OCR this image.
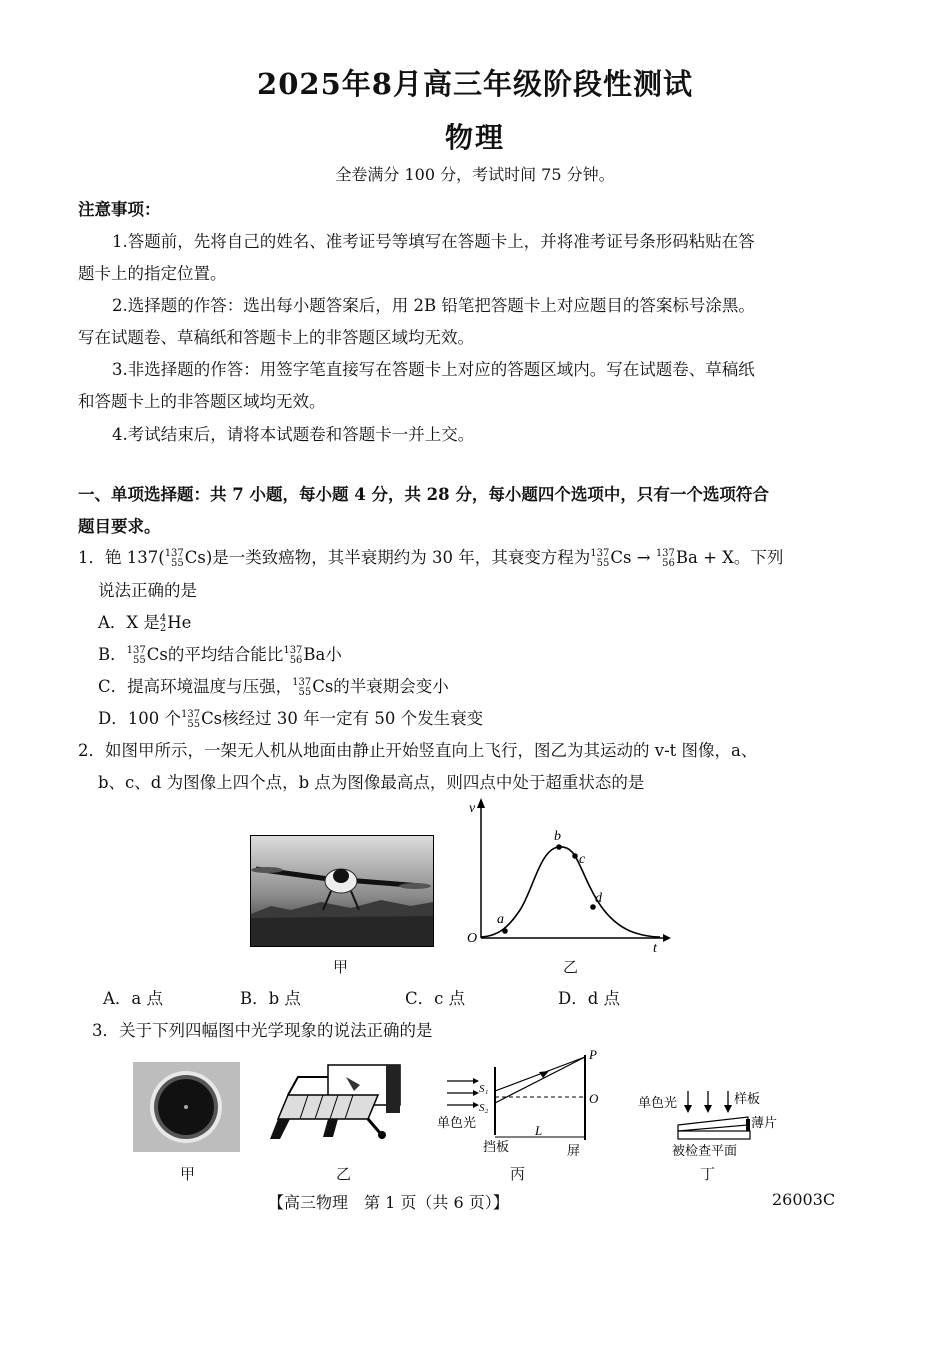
2025年8月高三年级阶段性测试
物理
全卷满分 100 分，考试时间 75 分钟。
注意事项：
1.答题前，先将自己的姓名、准考证号等填写在答题卡上，并将准考证号条形码粘贴在答
题卡上的指定位置。
2.选择题的作答：选出每小题答案后，用 2B 铅笔把答题卡上对应题目的答案标号涂黑。
写在试题卷、草稿纸和答题卡上的非答题区域均无效。
3.非选择题的作答：用签字笔直接写在答题卡上对应的答题区域内。写在试题卷、草稿纸
和答题卡上的非答题区域均无效。
4.考试结束后，请将本试题卷和答题卡一并上交。
一、单项选择题：共 7 小题，每小题 4 分，共 28 分，每小题四个选项中，只有一个选项符合
题目要求。
1．铯 137( 137
55 Cs)是一类致癌物，其半衰期约为 30 年，其衰变方程为 137
55 Cs → 137
56 Ba + X。下列
说法正确的是
A．X 是 4
2 He
B． 137
55 Cs的平均结合能比 137
56 Ba小
C．提高环境温度与压强， 137
55 Cs的半衰期会变小
D．100 个 137
55 Cs核经过 30 年一定有 50 个发生衰变
2．如图甲所示，一架无人机从地面由静止开始竖直向上飞行，图乙为其运动的 v-t 图像，a、
b、c、d 为图像上四个点，b 点为图像最高点，则四点中处于超重状态的是
甲
v
t
O
a
b
c
d
乙
A．a 点	B．b 点	C．c 点	D．d 点
3．关于下列四幅图中光学现象的说法正确的是
甲	乙
P
O
S₁
S₂
单色光
挡板
L
屏
丙
单色光	样板
薄片
被检查平面
丁
【高三物理　第 1 页（共 6 页）】	26003C
